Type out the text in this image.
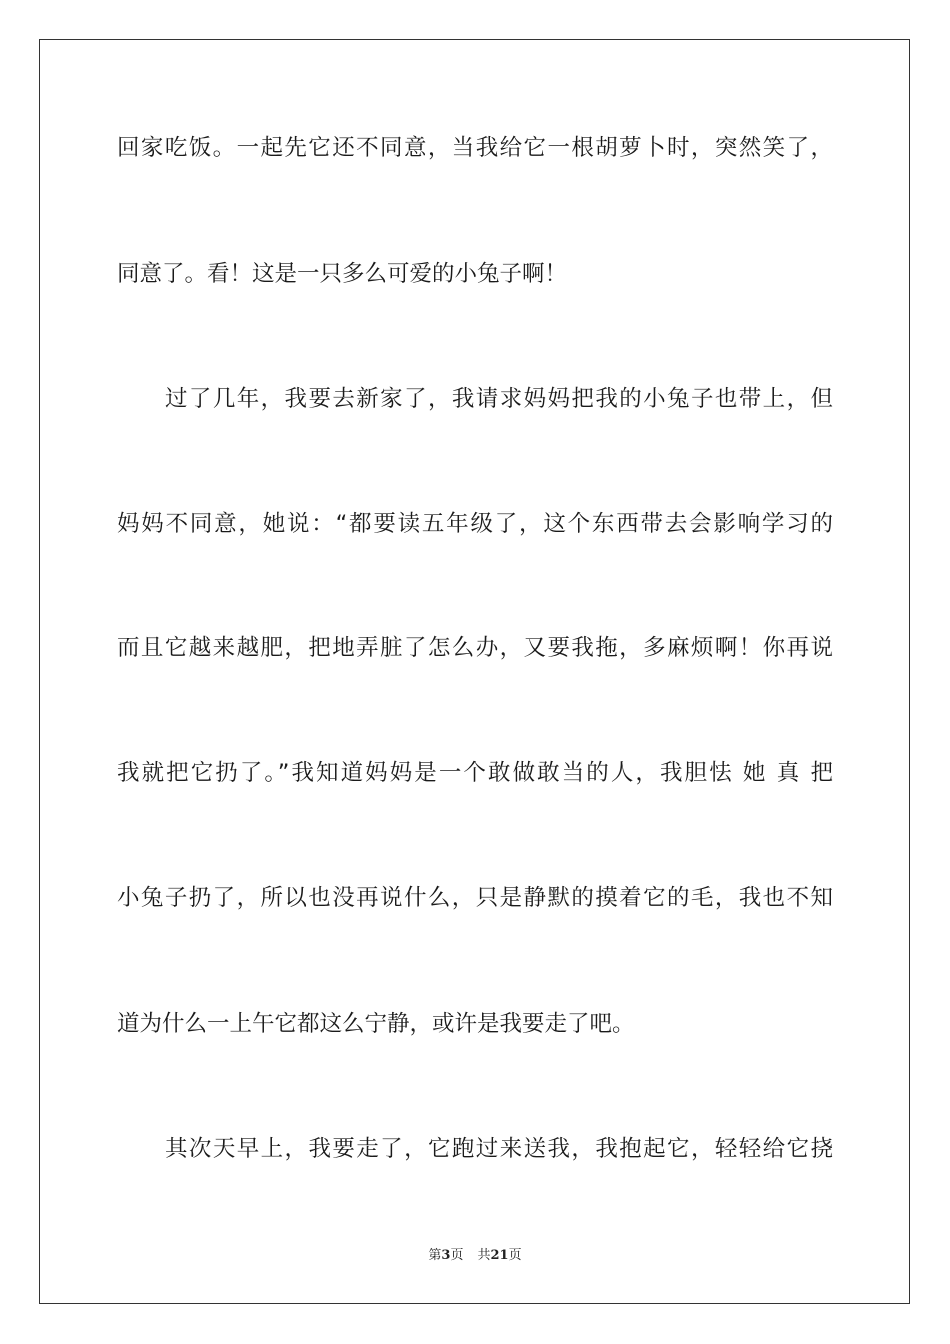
回家吃饭。一起先它还不同意，当我给它一根胡萝卜时，突然笑了，
同意了。看！这是一只多么可爱的小兔子啊！
过了几年，我要去新家了，我请求妈妈把我的小兔子也带上，但
妈妈不同意，她说：“都要读五年级了，这个东西带去会影响学习的
而且它越来越肥，把地弄脏了怎么办，又要我拖，多麻烦啊！你再说
我就把它扔了。”我知道妈妈是一个敢做敢当的人，我胆怯 她 真 把
小兔子扔了，所以也没再说什么，只是静默的摸着它的毛，我也不知
道为什么一上午它都这么宁静，或许是我要走了吧。
其次天早上，我要走了，它跑过来送我，我抱起它，轻轻给它挠
第3页 共21页
